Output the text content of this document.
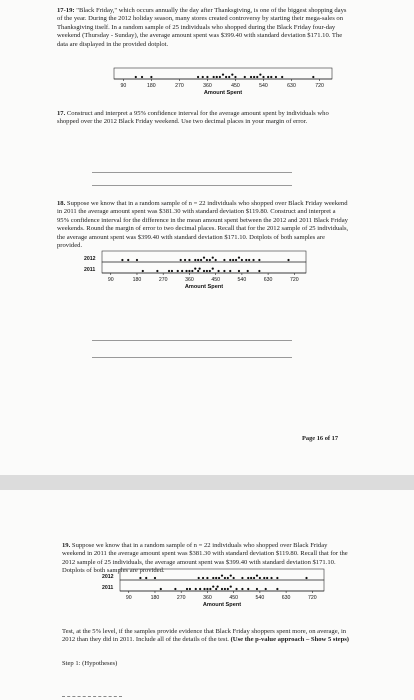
17-19: "Black Friday," which occurs annually the day after Thanksgiving, is one of the biggest shopping days of the year. During the 2012 holiday season, many stores created controversy by starting their mega-sales on Thanksgiving itself. In a random sample of 25 individuals who shopped during the Black Friday four-day weekend (Thursday - Sunday), the average amount spent was $399.40 with standard deviation $171.10. The data are displayed in the provided dotplot.
90	180	270	360	450	540	630	720
Amount Spent
17. Construct and interpret a 95% confidence interval for the average amount spent by individuals who shopped over the 2012 Black Friday weekend. Use two decimal places in your margin of error.
18. Suppose we know that in a random sample of n = 22 individuals who shopped over Black Friday weekend in 2011 the average amount spent was $381.30 with standard deviation $119.80. Construct and interpret a 95% confidence interval for the difference in the mean amount spent between the 2012 and 2011 Black Friday weekends. Round the margin of error to two decimal places. Recall that for the 2012 sample of 25 individuals, the average amount spent was $399.40 with standard deviation $171.10. Dotplots of both samples are provided.
2012
2011
90	180	270	360	450	540	630	720
Amount Spent
Page 16 of 17
19. Suppose we know that in a random sample of n = 22 individuals who shopped over Black Friday weekend in 2011 the average amount spent was $381.30 with standard deviation $119.80. Recall that for the 2012 sample of 25 individuals, the average amount spent was $399.40 with standard deviation $171.10. Dotplots of both samples are provided.
2012
2011
90	180	270	360	450	540	630	720
Amount Spent
Test, at the 5% level, if the samples provide evidence that Black Friday shoppers spent more, on average, in 2012 than they did in 2011. Include all of the details of the test. (Use the p-value approach – Show 5 steps)
Step 1: (Hypotheses)
